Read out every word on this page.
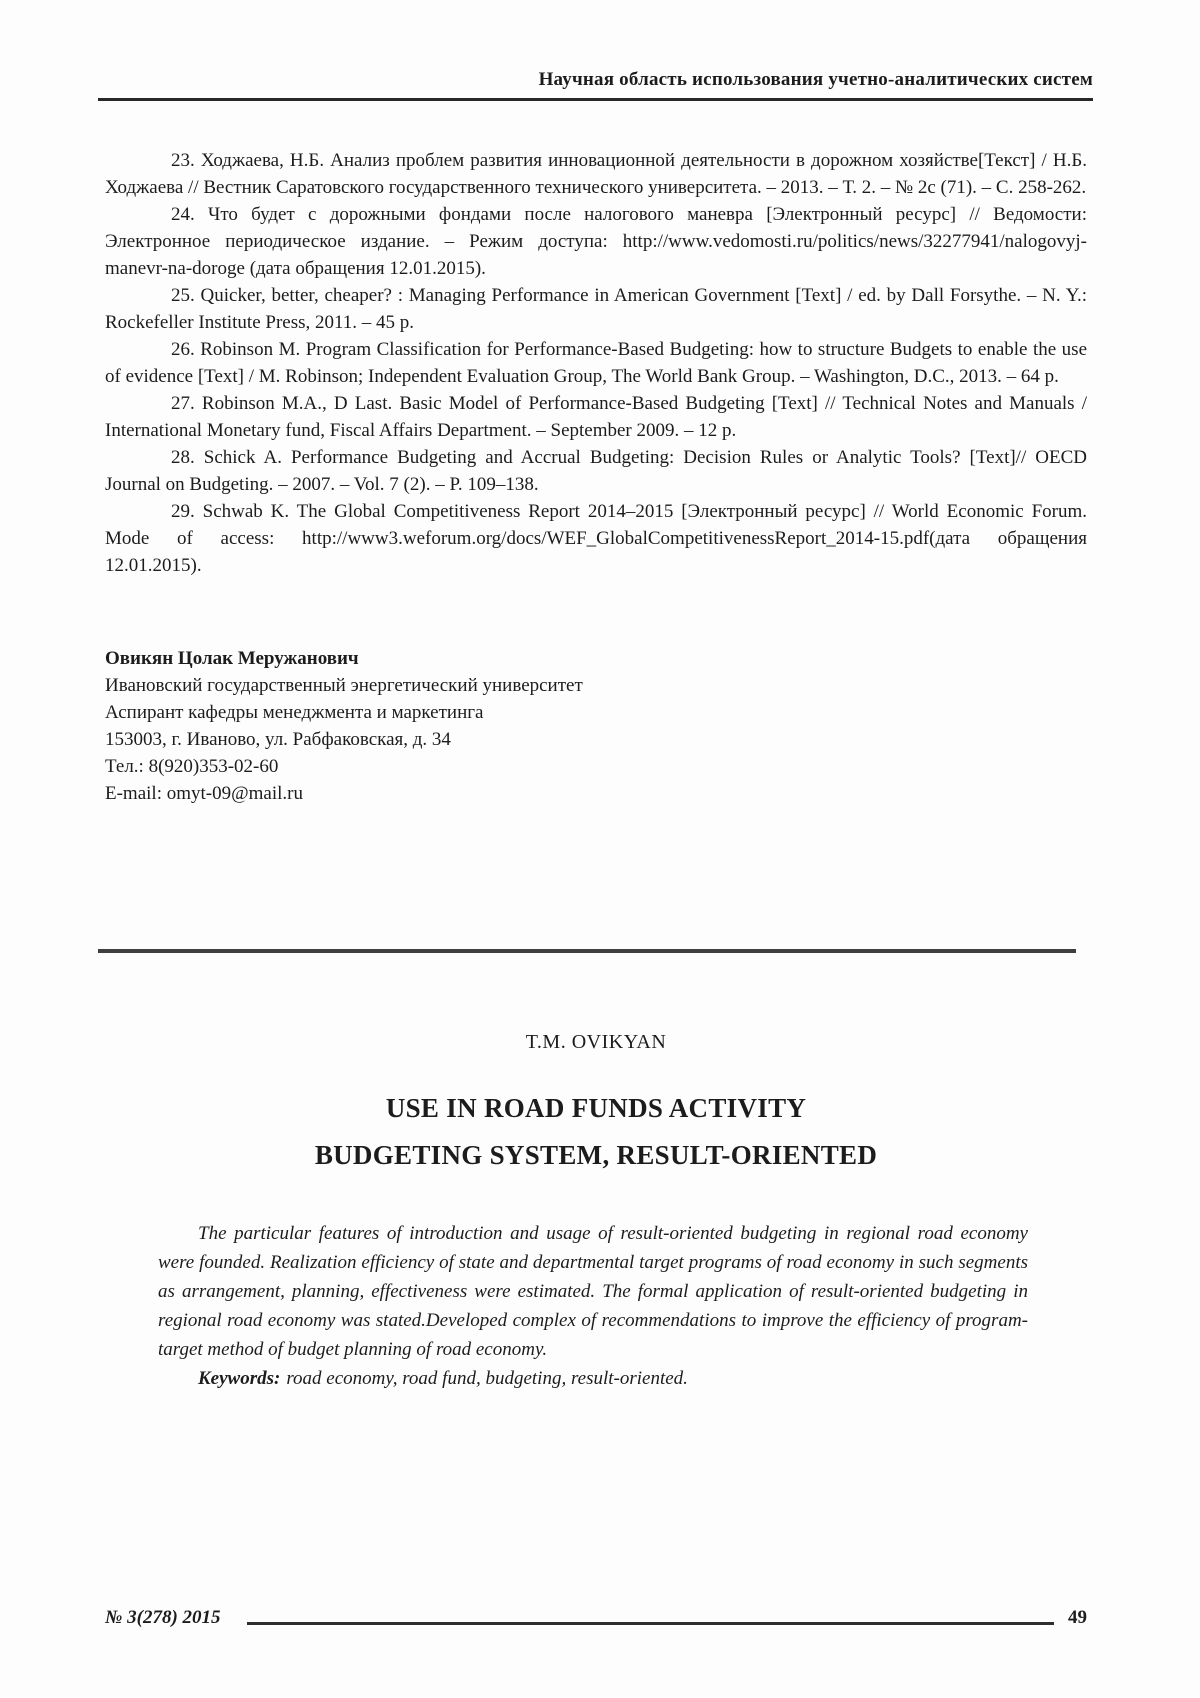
Научная область использования учетно-аналитических систем

23. Ходжаева, Н.Б. Анализ проблем развития инновационной деятельности в дорожном хозяйстве[Текст] / Н.Б. Ходжаева // Вестник Саратовского государственного технического университета. – 2013. – Т. 2. – № 2с (71). – С. 258-262.

24. Что будет с дорожными фондами после налогового маневра [Электронный ресурс] // Ведомости: Электронное периодическое издание. – Режим доступа: http://www.vedomosti.ru/politics/news/32277941/nalogovyj-manevr-na-doroge (дата обращения 12.01.2015).

25. Quicker, better, cheaper? : Managing Performance in American Government [Text] / ed. by Dall Forsythe. – N. Y.: Rockefeller Institute Press, 2011. – 45 p.

26. Robinson M. Program Classification for Performance-Based Budgeting: how to structure Budgets to enable the use of evidence [Text] / M. Robinson; Independent Evaluation Group, The World Bank Group. – Washington, D.C., 2013. – 64 p.

27. Robinson M.A., D Last. Basic Model of Performance-Based Budgeting [Text] // Technical Notes and Manuals / International Monetary fund, Fiscal Affairs Department. – September 2009. – 12 p.

28. Schick A. Performance Budgeting and Accrual Budgeting: Decision Rules or Analytic Tools? [Text]// OECD Journal on Budgeting. – 2007. – Vol. 7 (2). – P. 109–138.

29. Schwab K. The Global Competitiveness Report 2014–2015 [Электронный ресурс] // World Economic Forum. Mode of access: http://www3.weforum.org/docs/WEF_GlobalCompetitivenessReport_2014-15.pdf(дата обращения 12.01.2015).

Овикян Цолак Меружанович

Ивановский государственный энергетический университет

Аспирант кафедры менеджмента и маркетинга

153003, г. Иваново, ул. Рабфаковская, д. 34

Тел.: 8(920)353-02-60

E-mail: omyt-09@mail.ru

T.M. OVIKYAN
USE IN ROAD FUNDS ACTIVITY
BUDGETING SYSTEM, RESULT-ORIENTED

The particular features of introduction and usage of result-oriented budgeting in regional road economy were founded. Realization efficiency of state and departmental target programs of road economy in such segments as arrangement, planning, effectiveness were estimated. The formal application of result-oriented budgeting in regional road economy was stated.Developed complex of recommendations to improve the efficiency of program-target method of budget planning of road economy.

Keywords: road economy, road fund, budgeting, result-oriented.

№ 3(278) 2015	49
